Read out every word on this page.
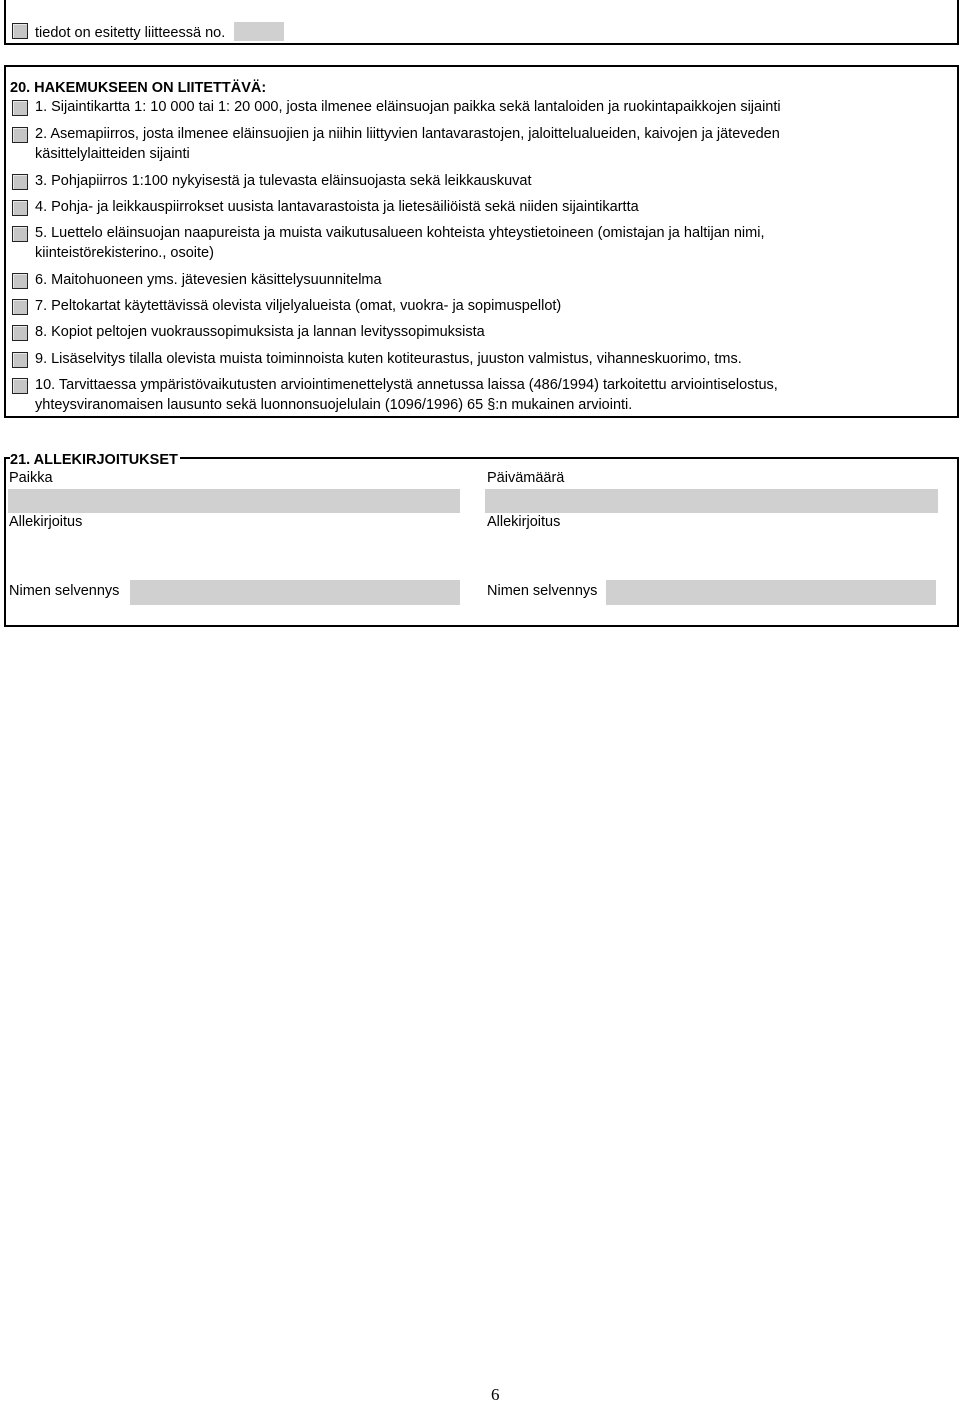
tiedot on esitetty liitteessä no.
20. HAKEMUKSEEN ON LIITETTÄVÄ:
1. Sijaintikartta 1: 10 000 tai 1: 20 000, josta ilmenee eläinsuojan paikka sekä lantaloiden ja ruokintapaikkojen sijainti
2. Asemapiirros, josta ilmenee eläinsuojien ja niihin liittyvien lantavarastojen, jaloittelualueiden, kaivojen ja jäteveden
käsittelylaitteiden sijainti
3. Pohjapiirros 1:100 nykyisestä ja tulevasta eläinsuojasta sekä leikkauskuvat
4. Pohja- ja leikkauspiirrokset uusista lantavarastoista ja lietesäiliöistä sekä niiden sijaintikartta
5. Luettelo eläinsuojan naapureista ja muista vaikutusalueen kohteista yhteystietoineen (omistajan ja haltijan nimi,
kiinteistörekisterino., osoite)
6. Maitohuoneen yms. jätevesien käsittelysuunnitelma
7. Peltokartat käytettävissä olevista viljelyalueista (omat, vuokra- ja sopimuspellot)
8. Kopiot peltojen vuokraussopimuksista ja lannan levityssopimuksista
9. Lisäselvitys tilalla olevista muista toiminnoista kuten kotiteurastus, juuston valmistus, vihanneskuorimo, tms.
10. Tarvittaessa ympäristövaikutusten arviointimenettelystä annetussa laissa (486/1994) tarkoitettu arviointiselostus,
yhteysviranomaisen lausunto sekä luonnonsuojelulain (1096/1996) 65 §:n mukainen arviointi.
21. ALLEKIRJOITUKSET
Paikka
Allekirjoitus
Päivämäärä
Allekirjoitus
Nimen selvennys	Nimen selvennys
6
